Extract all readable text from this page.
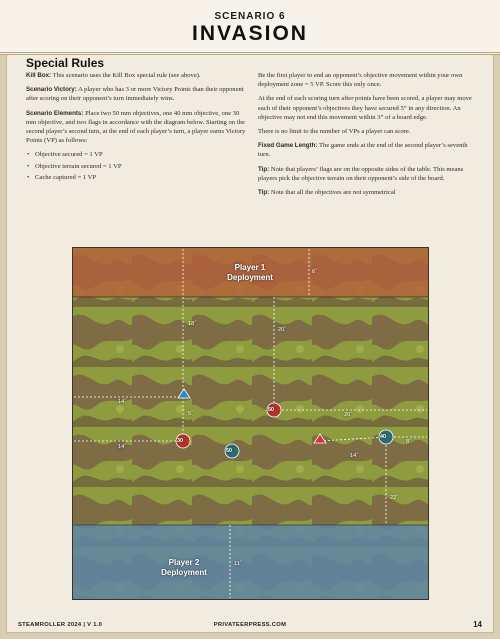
SCENARIO 6
INVASION
Special Rules

Kill Box: This scenario uses the Kill Box special rule (see above).

Scenario Victory: A player who has 3 or more Victory Points than their opponent after scoring on their opponent’s turn immediately wins.

Scenario Elements: Place two 50 mm objectives, one 40 mm objective, one 30 mm objective, and two flags in accordance with the diagram below. Starting on the second player’s second turn, at the end of each player’s turn, a player earns Victory Points (VP) as follows:

• Objective secured = 1 VP
• Objective terrain secured = 1 VP
• Cache captured = 1 VP

Be the first player to end an opponent’s objective movement within your own deployment zone = 5 VP. Score this only once.

At the end of each scoring turn after points have been scored, a player may move each of their opponent’s objectives they have secured 5” in any direction. An objective may not end this movement within 3” of a board edge.

There is no limit to the number of VPs a player can score.

Fixed Game Length: The game ends at the end of the second player’s seventh turn.

Tip: Note that players’ flags are on the opposite sides of the table. This means players pick the objective terrain on their opponent’s side of the board.

Tip: Note that all the objectives are not symmetrical

Player 1
Deployment
Player 2
Deployment
6˝
18˝
20˝
14˝
5˝
14˝
20˝
8˝
14˝
22˝
11˝
30
50
50
40
STEAMROLLER 2024 | V 1.0	PRIVATEERPRESS.COM	14
